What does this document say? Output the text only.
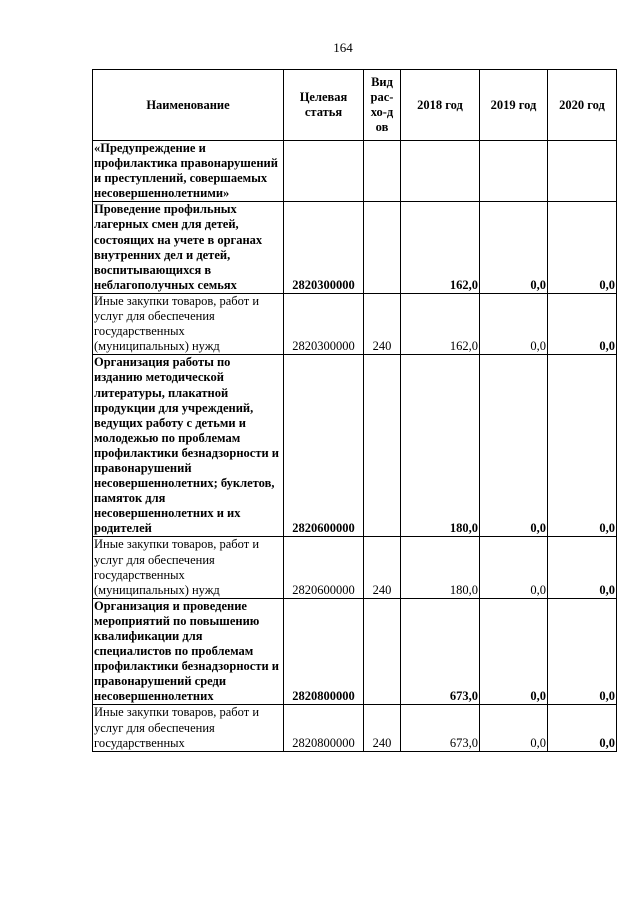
164
Наименование	Целевая статья	Вид рас-хо-дов	2018 год	2019 год	2020 год
«Предупреждение и профилактика правонарушений и преступлений, совершаемых несовершеннолетними»					
Проведение профильных лагерных смен для детей, состоящих на учете в органах внутренних дел и детей, воспитывающихся в неблагополучных семьях	2820300000		162,0	0,0	0,0
Иные закупки товаров, работ и услуг для обеспечения государственных (муниципальных) нужд	2820300000	240	162,0	0,0	0,0
Организация работы по изданию методической литературы, плакатной продукции для учреждений, ведущих работу с детьми и молодежью по проблемам профилактики безнадзорности и правонарушений несовершеннолетних; буклетов, памяток для несовершеннолетних и их родителей	2820600000		180,0	0,0	0,0
Иные закупки товаров, работ и услуг для обеспечения государственных (муниципальных) нужд	2820600000	240	180,0	0,0	0,0
Организация и проведение мероприятий по повышению квалификации для специалистов по проблемам профилактики безнадзорности и правонарушений среди несовершеннолетних	2820800000		673,0	0,0	0,0
Иные закупки товаров, работ и услуг для обеспечения государственных	2820800000	240	673,0	0,0	0,0
